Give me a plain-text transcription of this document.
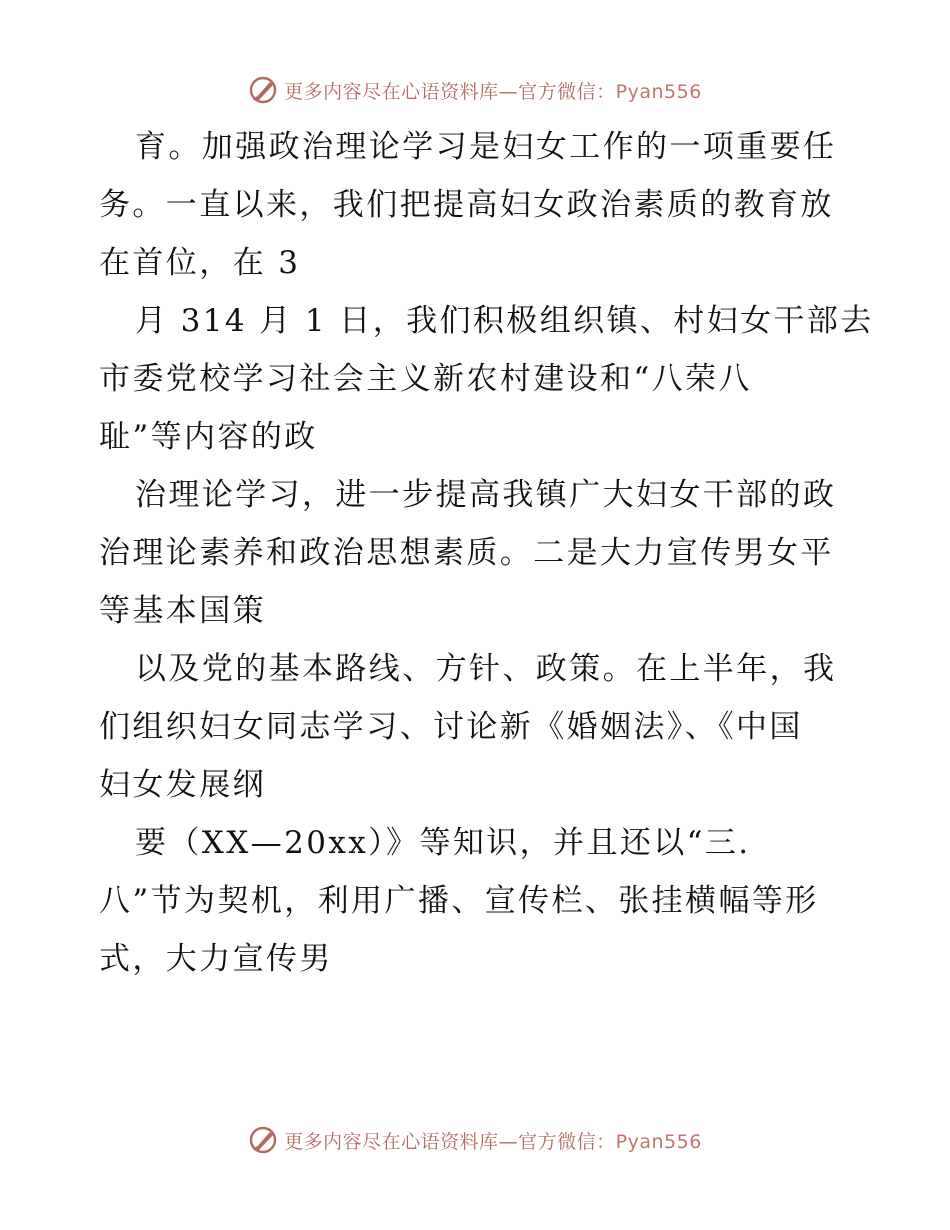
更多内容尽在心语资料库—官方微信：Pyan556
育。加强政治理论学习是妇女工作的一项重要任
务。一直以来，我们把提高妇女政治素质的教育放
在首位，在 3
月 314 月 1 日，我们积极组织镇、村妇女干部去
市委党校学习社会主义新农村建设和“八荣八
耻”等内容的政
治理论学习，进一步提高我镇广大妇女干部的政
治理论素养和政治思想素质。二是大力宣传男女平
等基本国策
以及党的基本路线、方针、政策。在上半年，我
们组织妇女同志学习、讨论新《婚姻法》、《中国
妇女发展纲
要（XX—20xx）》等知识，并且还以“三.
八”节为契机，利用广播、宣传栏、张挂横幅等形
式，大力宣传男
更多内容尽在心语资料库—官方微信：Pyan556
